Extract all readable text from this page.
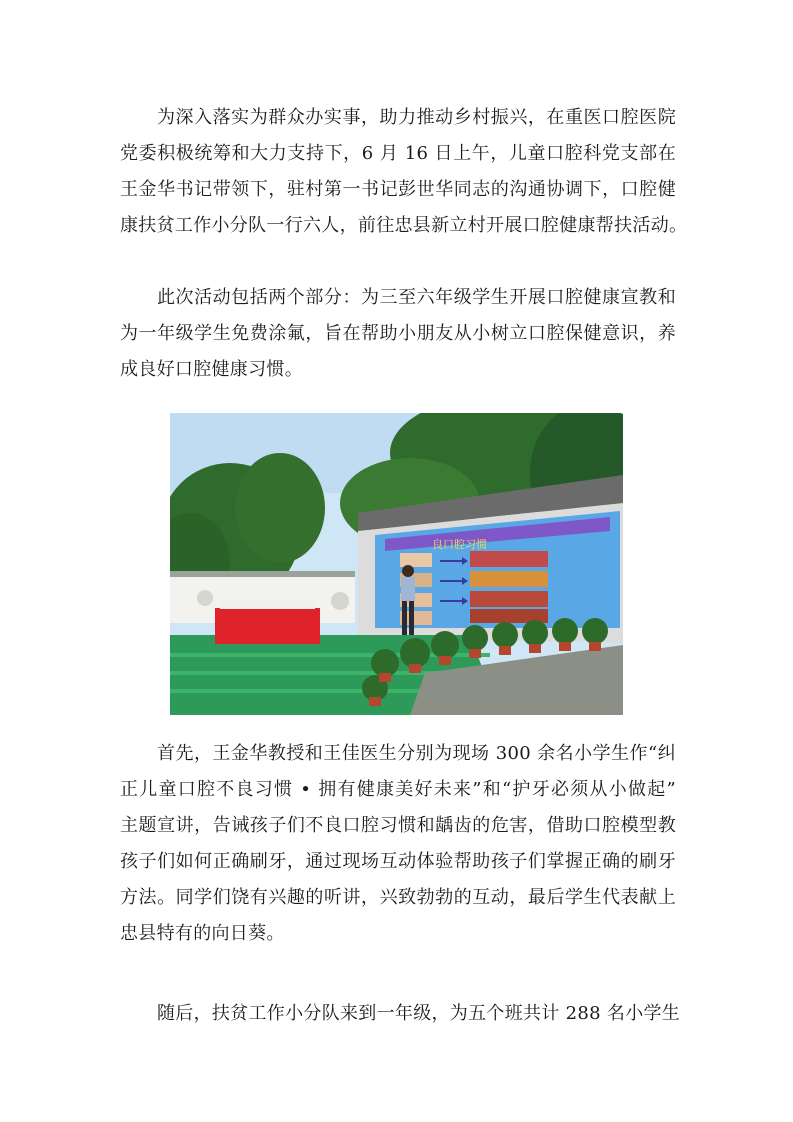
为深入落实为群众办实事，助力推动乡村振兴，在重医口腔医院
党委积极统筹和大力支持下，6 月 16 日上午，儿童口腔科党支部在
王金华书记带领下，驻村第一书记彭世华同志的沟通协调下，口腔健
康扶贫工作小分队一行六人，前往忠县新立村开展口腔健康帮扶活动。
此次活动包括两个部分：为三至六年级学生开展口腔健康宣教和
为一年级学生免费涂氟，旨在帮助小朋友从小树立口腔保健意识，养
成良好口腔健康习惯。
良口腔习惯
首先，王金华教授和王佳医生分别为现场 300 余名小学生作“纠
正儿童口腔不良习惯 • 拥有健康美好未来”和“护牙必须从小做起”
主题宣讲，告诫孩子们不良口腔习惯和龋齿的危害，借助口腔模型教
孩子们如何正确刷牙，通过现场互动体验帮助孩子们掌握正确的刷牙
方法。同学们饶有兴趣的听讲，兴致勃勃的互动，最后学生代表献上
忠县特有的向日葵。
随后，扶贫工作小分队来到一年级，为五个班共计 288 名小学生
